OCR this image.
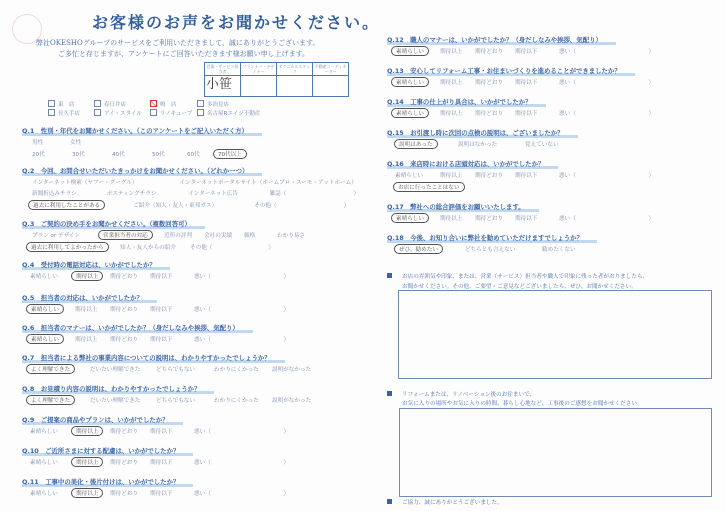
お客様のお声をお聞かせください。
弊社OKESHOグループのサービスをご利用いただきまして、誠にありがとうございます。
ご多忙と存じますが、アンケートにご回答いただきます様お願い申し上げます。
営業・サービス担当者	プランナー・デザイナー	テクニカルスタッフ	不動産コーディネーター
小笹			
東　店	春日井店	鳴　店	多治見店
長久手店	アイ・スタイル	リノキューブ	名古屋Rエイジ不動産
Q.1　性別・年代をお聞かせください。（このアンケートをご記入いただく方）
男性	女性
20代	30代	40代	50代	60代	70代以上
Q.2　今回、お問合せいただいたきっかけをお聞かせください。（どれか一つ）
インターネット検索（ヤフー・グーグル）	インターネットポータルサイト（ホームプロ・スーモ・アットホーム）
新聞折込みチラシ	ポスティングチラシ	インターネット広告	雑誌（　　　　　　　　　　　　）
過去に利用したことがある	ご紹介（知人・友人・東邦ガス）	その他（　　　　　　　　　　　　）
Q.3　ご契約の決め手をお聞かせください。（複数回答可）
プラン or デザイン	営業担当者の対応	近所の評判 会社の実績 価格	わかり易さ
過去に利用してよかったから	知人・友人からの紹介	その他（　　　　　　　　　　）
Q.4　受付時の電話対応は、いかがでしたか？
素晴らしい	期待以上	期待どおり 期待以下	悪い（　　　　　　　　　　　　　）
Q.5　担当者の対応は、いかがでしたか？
素晴らしい	期待以上 期待どおり 期待以下	悪い（　　　　　　　　　　　　　）
Q.6　担当者のマナーは、いかがでしたか？（身だしなみや挨拶、気配り）
素晴らしい	期待以上 期待どおり 期待以下	悪い（　　　　　　　　　　　　　）
Q.7　担当者による弊社の事業内容についての説明は、わかりやすかったでしょうか？
よく理解できた	だいたい理解できた	どちらでもない	わかりにくかった 説明がなかった
Q.8　お見積り内容の説明は、わかりやすかったでしょうか？
よく理解できた	だいたい理解できた	どちらでもない	わかりにくかった 説明がなかった
Q.9　ご提案の商品やプランは、いかがでしたか？
素晴らしい	期待以上	期待どおり 期待以下	悪い（　　　　　　　　　　　　　）
Q.10　ご近所さまに対する配慮は、いかがでしたか？
素晴らしい	期待以上	期待どおり 期待以下	悪い（　　　　　　　　　　　　　）
Q.11　工事中の美化・後片付けは、いかがでしたか？
素晴らしい	期待以上	期待どおり 期待以下	悪い（　　　　　　　　　　　　　）
Q.12　職人のマナーは、いかがでしたか？（身だしなみや挨拶、気配り）
素晴らしい	期待以上 期待どおり 期待以下	悪い（　　　　　　　　　　　　　）
Q.13　安心してリフォーム工事・お住まいづくりを進めることができましたか？
素晴らしい	期待以上 期待どおり 期待以下	悪い（　　　　　　　　　　　　　）
Q.14　工事の仕上がり具合は、いかがでしたか？
素晴らしい	期待以上 期待どおり 期待以下	悪い（　　　　　　　　　　　　　）
Q.15　お引渡し時に次回の点検の説明は、ございましたか？
説明はあった	説明はなかった	覚えていない
Q.16　来店時における店頭対応は、いかがでしたか？
素晴らしい	期待以上 期待どおり 期待以下	悪い（　　　　　　　　　　　　　）
お店に行ったことはない
Q.17　弊社への総合評価をお願いいたします。
素晴らしい	期待以上 期待どおり 期待以下	悪い（　　　　　　　　　　　　　）
Q.18　今後、お知り合いに弊社を勧めていただけますでしょうか？
ぜひ、勧めたい	どちらとも言えない	勧めたくない
お店の雰囲気や印象、または、営業（サービス）担当者や職人で印象に残った者がおりましたら、
お聞かせください。その他、ご要望・ご意見などございましたら、ぜひ、お聞かせください。
リフォームまたは、リノベーション後のお住まいで、
お気に入りの場所やお気に入りの時間、暮らし心地など、工事後のご感想をお聞かせください。
ご協力、誠にありがとうございました。
